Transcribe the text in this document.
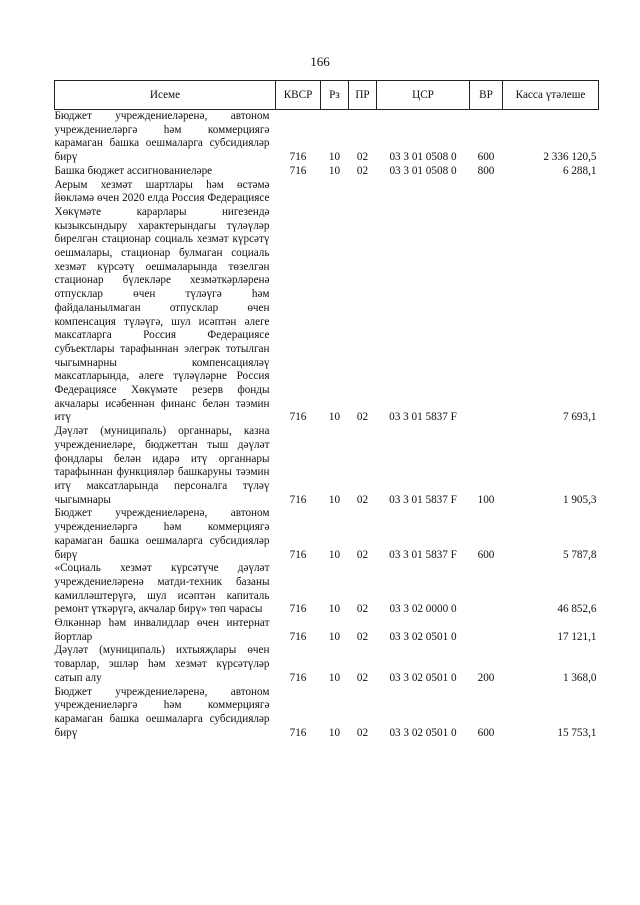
166
Исеме	КВСР	Рз	ПР	ЦСР	ВР	Касса үтәлеше
Бюджет учреждениеләренә, автоном учреждениеләргә һәм коммерциягә карамаган башка оешмаларга субсидияләр бирү	716	10	02	03 3 01 0508 0	600	2 336 120,5
Башка бюджет ассигнованиеләре	716	10	02	03 3 01 0508 0	800	6 288,1
Аерым хезмәт шартлары һәм өстәмә йөкләмә өчен 2020 елда Россия Федерациясе Хөкүмәте карарлары нигезендә кызыксындыру характерындагы түләүләр бирелгән стационар социаль хезмәт күрсәтү оешмалары, стационар булмаган социаль хезмәт күрсәтү оешмаларында төзелгән стационар бүлекләре хезмәткәрләренә отпусклар өчен түләүгә һәм файдаланылмаган отпусклар өчен компенсация түләүгә, шул исәптән әлеге максатларга Россия Федерациясе субъектлары тарафыннан элегрәк тотылган чыгымнарны компенсацияләү максатларында, әлеге түләүләрне Россия Федерациясе Хөкүмәте резерв фонды акчалары исәбеннән финанс белән тәэмин итү	716	10	02	03 3 01 5837 F		7 693,1
Дәүләт (муниципаль) органнары, казна учреждениеләре, бюджеттан тыш дәүләт фондлары белән идарә итү органнары тарафыннан функцияләр башкаруны тәэмин итү максатларында персоналга түләү чыгымнары	716	10	02	03 3 01 5837 F	100	1 905,3
Бюджет учреждениеләренә, автоном учреждениеләргә һәм коммерциягә карамаган башка оешмаларга субсидияләр бирү	716	10	02	03 3 01 5837 F	600	5 787,8
«Социаль хезмәт күрсәтүче дәүләт учреждениеләренә матди-техник базаны камилләштерүгә, шул исәптән капиталь ремонт үткәрүгә, акчалар бирү» төп чарасы	716	10	02	03 3 02 0000 0		46 852,6
Өлкәннәр һәм инвалидлар өчен интернат йортлар	716	10	02	03 3 02 0501 0		17 121,1
Дәүләт (муниципаль) ихтыяҗлары өчен товарлар, эшләр һәм хезмәт күрсәтүләр сатып алу	716	10	02	03 3 02 0501 0	200	1 368,0
Бюджет учреждениеләренә, автоном учреждениеләргә һәм коммерциягә карамаган башка оешмаларга субсидияләр бирү	716	10	02	03 3 02 0501 0	600	15 753,1
